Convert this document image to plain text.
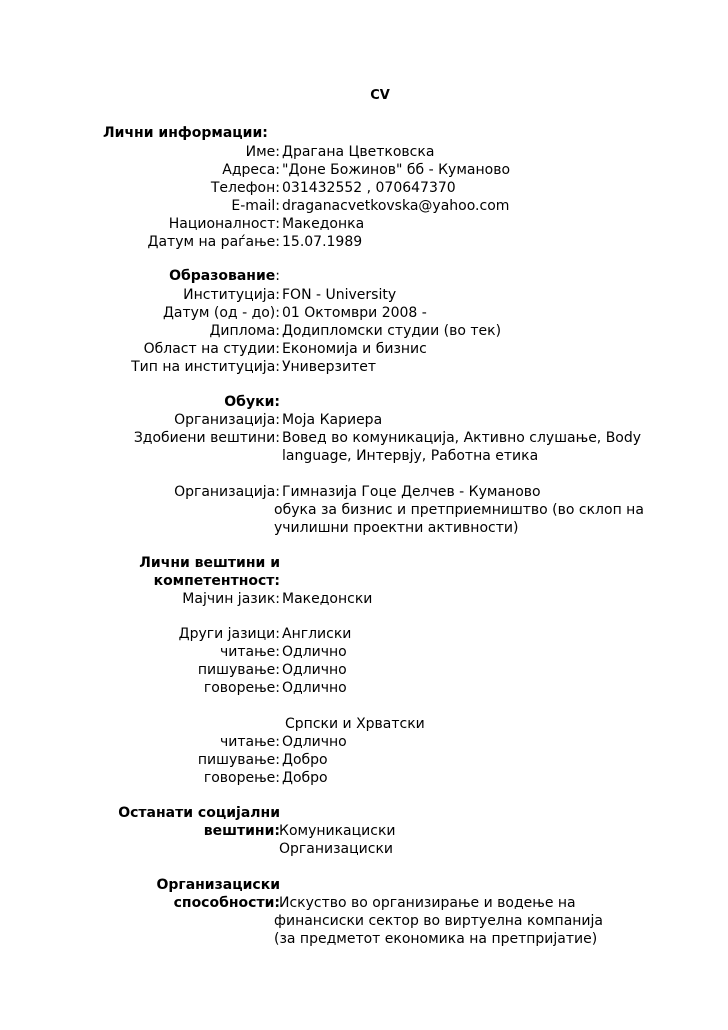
CV
Лични информации:
Име: Драгана Цветковска
Адреса: "Доне Божинов" бб - Куманово
Телефон: 031432552 , 070647370
E-mail: draganacvetkovska@yahoo.com
Националност: Македонка
Датум на раѓање: 15.07.1989
Образование:
Институција: FON - University
Датум (од - до): 01 Октомври 2008 -
Диплома: Додипломски студии (во тек)
Област на студии: Економија и бизнис
Тип на институција: Универзитет
Обуки:
Организација: Моја Кариера
Здобиени вештини: Вовед во комуникација, Активно слушање, Body
language, Интервју, Работна етика
Организација: Гимназија Гоце Делчев - Куманово
обука за бизнис и претприемништво (во склоп на
училишни проектни активности)
Лични вештини и
компетентност:
Мајчин јазик: Македонски
Други јазици: Англиски
читање: Одлично
пишување: Одлично
говорење: Одлично
Српски и Хрватски
читање: Одлично
пишување: Добро
говорење: Добро
Останати социјални
вештини: Комуникациски
Организациски
Организациски
способности: Искуство во организирање и водење на
финансиски сектор во виртуелна компанија
(за предметот економика на претпријатие)
